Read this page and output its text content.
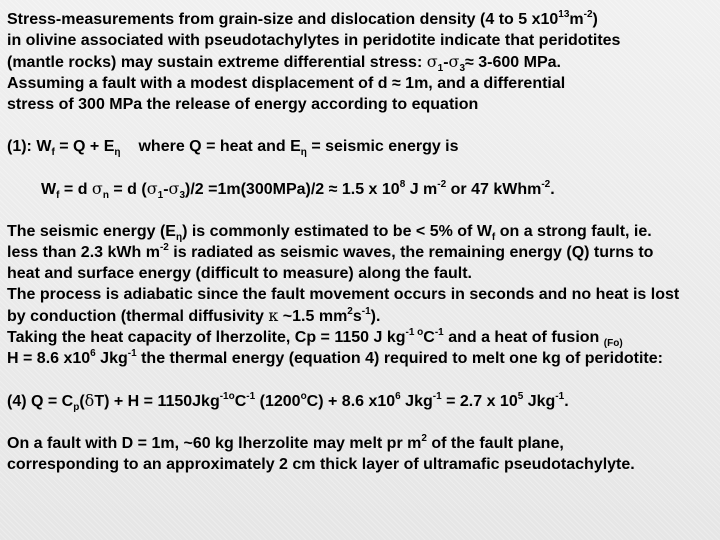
Stress-measurements from grain-size and dislocation density (4 to 5 $x10^{13}m^{-2}$)
in olivine associated with pseudotachylytes in peridotite indicate that peridotites
(mantle rocks) may sustain extreme differential stress: $\sigma_1-\sigma_3\approx 3-600$ MPa.
Assuming a fault with a modest displacement of d ≈ 1m, and a differential
stress of 300 MPa the release of energy according to equation
(1): $W_f = Q + E_\eta$ where Q = heat and $E_\eta$ = seismic energy is
$W_f = d$ $\sigma_n = d$ $(\sigma_1-\sigma_3)/2 =1m(300MPa)/2 \approx 1.5$ x $10^8$ J $m^{-2}$ or 47 kWhm$^{-2}$.
The seismic energy $(E_\eta)$ is commonly estimated to be < 5% of $W_f$ on a strong fault, ie.
less than 2.3 kWh $m^{-2}$ is radiated as seismic waves, the remaining energy (Q) turns to
heat and surface energy (difficult to measure) along the fault.
The process is adiabatic since the fault movement occurs in seconds and no heat is lost
by conduction (thermal diffusivity κ ~1.5 $mm^2s^{-1}$).
Taking the heat capacity of lherzolite, Cp = 1150 J $kg^{-1 o}C^{-1}$ and a heat of fusion $_{(Fo)}$
H = 8.6 $x10^6$ Jkg$^{-1}$ the thermal energy (equation 4) required to melt one kg of peridotite:
(4) $Q = C_p(\delta T) + H = 1150Jkg^{-1o}C^{-1}$ $(1200^oC) + 8.6$ $x10^6$ Jkg$^{-1}$ = 2.7 x $10^5$ Jkg$^{-1}$.
On a fault with D = 1m, ~60 kg lherzolite may melt pr $m^2$ of the fault plane,
corresponding to an approximately 2 cm thick layer of ultramafic pseudotachylyte.
